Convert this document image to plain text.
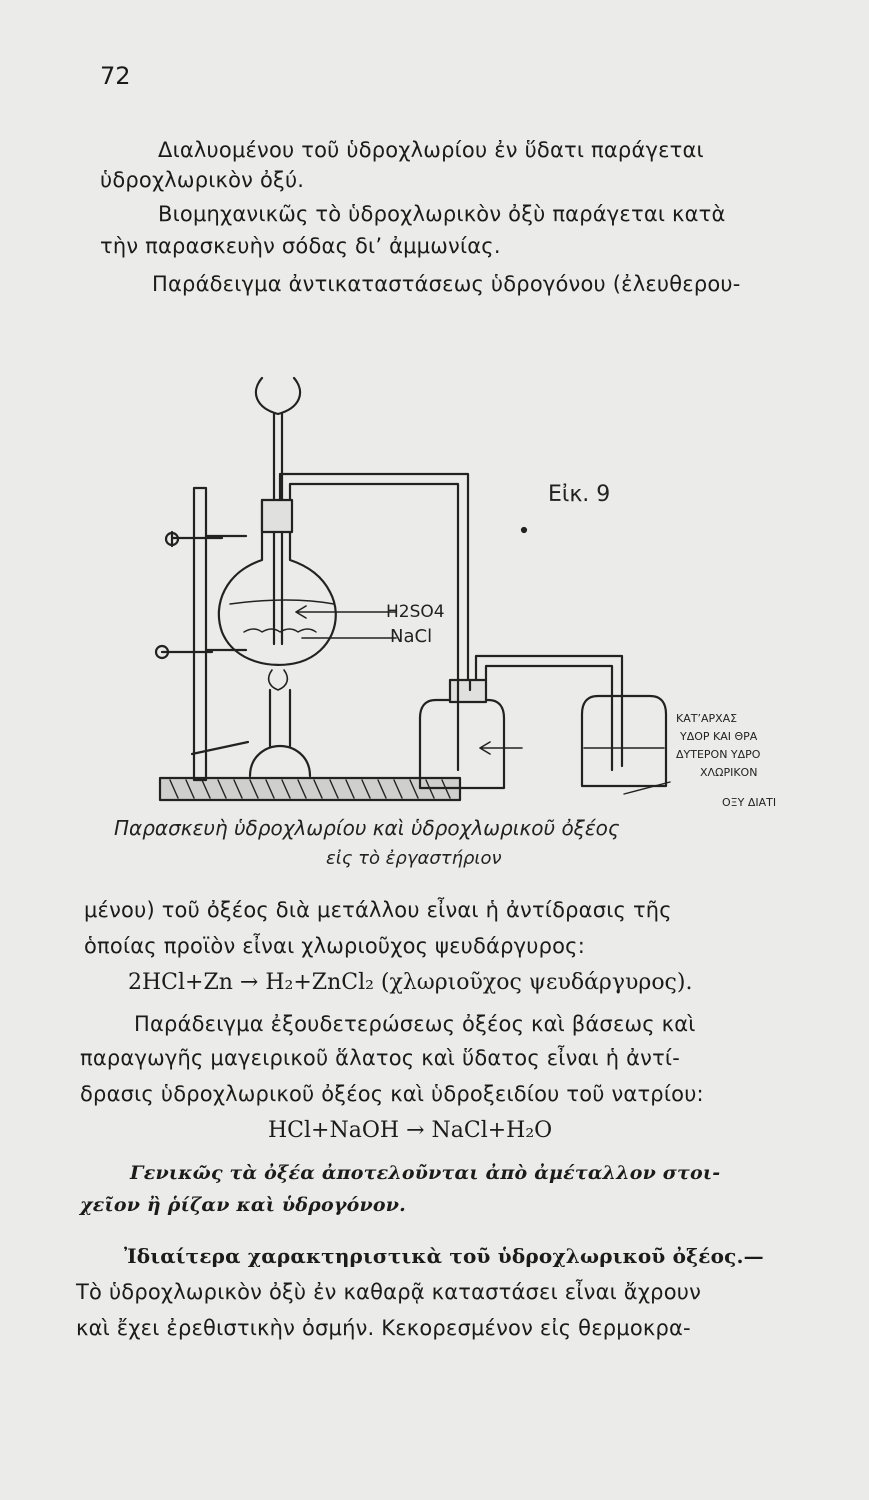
72
Διαλυομένου τοῦ ὑδροχλωρίου ἐν ὕδατι παράγεται
ὑδροχλωρικὸν ὀξύ.
Βιομηχανικῶς τὸ ὑδροχλωρικὸν ὀξὺ παράγεται κατὰ
τὴν παρασκευὴν σόδας δι’ ἀμμωνίας.
Παράδειγμα ἀντικαταστάσεως ὑδρογόνου (ἐλευθερου-
Εἰκ. 9
H2SO4
NaCl
ΚΑΤ’ΑΡΧΑΣ
ΥΔΟΡ ΚΑΙ ΘΡΑ
ΔΥΤΕΡΟΝ ΥΔΡΟ
ΧΛΩΡΙΚΟΝ
ΟΞΥ ΔΙΑΤΙ
Παρασκευὴ ὑδροχλωρίου καὶ ὑδροχλωρικοῦ ὀξέος
εἰς τὸ ἐργαστήριον
μένου) τοῦ ὀξέος διὰ μετάλλου εἶναι ἡ ἀντίδρασις τῆς
ὁποίας προϊὸν εἶναι χλωριοῦχος ψευδάργυρος:
2HCl+Zn → H₂+ZnCl₂ (χλωριοῦχος ψευδάργυρος).
Παράδειγμα ἐξουδετερώσεως ὀξέος καὶ βάσεως καὶ
παραγωγῆς μαγειρικοῦ ἅλατος καὶ ὕδατος εἶναι ἡ ἀντί-
δρασις ὑδροχλωρικοῦ ὀξέος καὶ ὑδροξειδίου τοῦ νατρίου:
HCl+NaOH → NaCl+H₂O
Γενικῶς τὰ ὀξέα ἀποτελοῦνται ἀπὸ ἀμέταλλον στοι-
χεῖον ἢ ῥίζαν καὶ ὑδρογόνον.
Ἰδιαίτερα χαρακτηριστικὰ τοῦ ὑδροχλωρικοῦ ὀξέος.—
Τὸ ὑδροχλωρικὸν ὀξὺ ἐν καθαρᾷ καταστάσει εἶναι ἄχρουν
καὶ ἔχει ἐρεθιστικὴν ὀσμήν. Κεκορεσμένον εἰς θερμοκρα-
